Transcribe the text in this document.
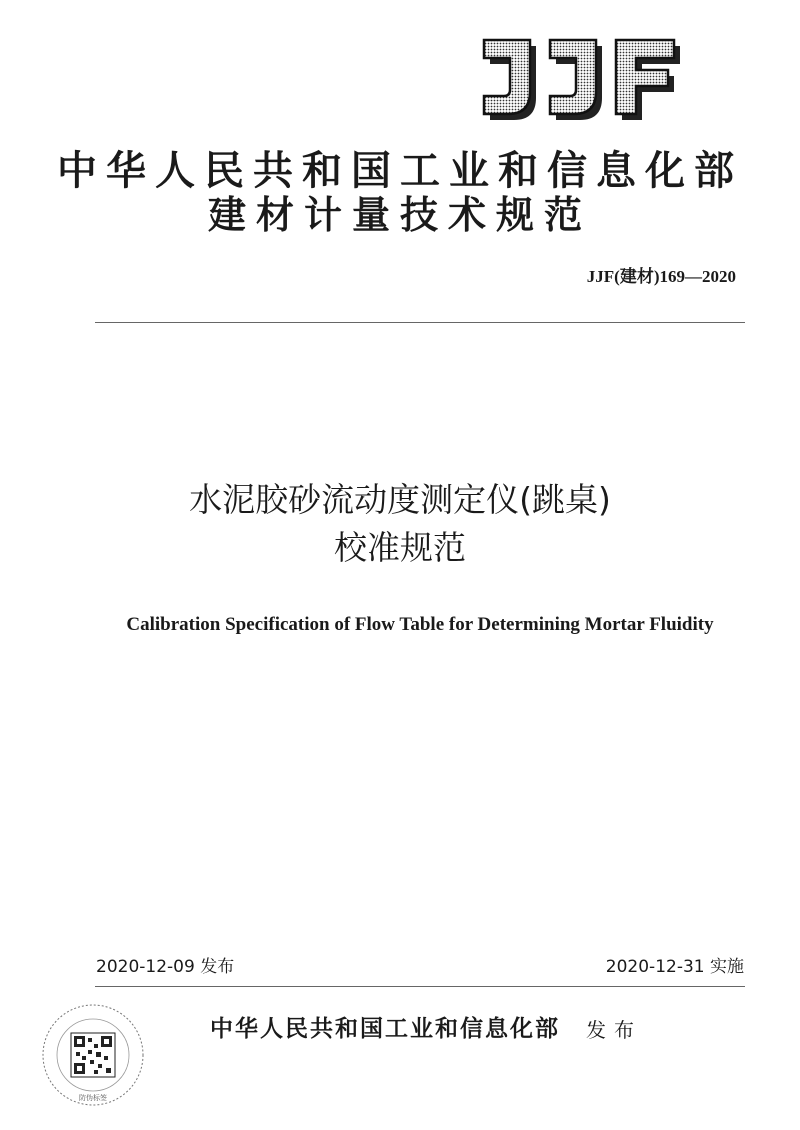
中华人民共和国工业和信息化部
建材计量技术规范
JJF(建材)169—2020
水泥胶砂流动度测定仪(跳桌)
校准规范
Calibration Specification of Flow Table for Determining Mortar Fluidity
2020-12-09 发布	2020-12-31 实施
防伪标签
中华人民共和国工业和信息化部 发布
